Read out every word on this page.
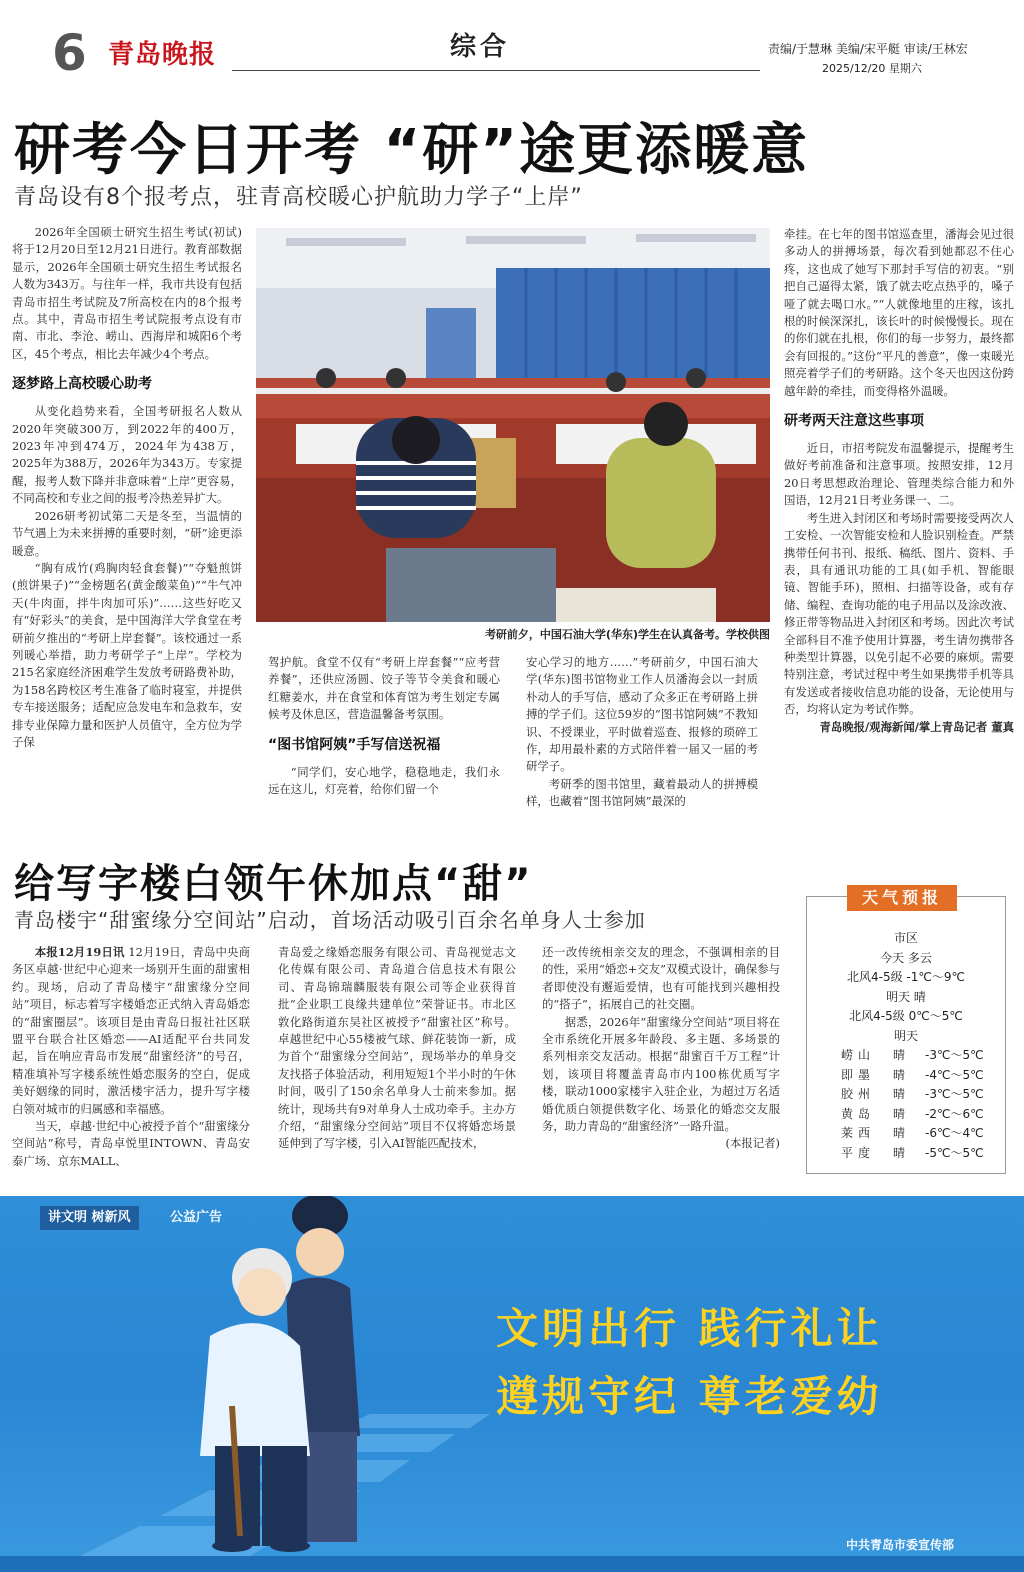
6 青岛晚报	综合	责编/于慧琳 美编/宋平艇 审读/王林宏
2025/12/20 星期六
研考今日开考 “研”途更添暖意
青岛设有8个报考点，驻青高校暖心护航助力学子“上岸”

2026年全国硕士研究生招生考试(初试)将于12月20日至12月21日进行。教育部数据显示，2026年全国硕士研究生招生考试报名人数为343万。与往年一样，我市共设有包括青岛市招生考试院及7所高校在内的8个报考点。其中，青岛市招生考试院报考点设有市南、市北、李沧、崂山、西海岸和城阳6个考区，45个考点，相比去年减少4个考点。

逐梦路上高校暖心助考

从变化趋势来看，全国考研报名人数从2020年突破300万，到2022年的400万，2023年冲到474万，2024年为438万，2025年为388万，2026年为343万。专家提醒，报考人数下降并非意味着“上岸”更容易，不同高校和专业之间的报考冷热差异扩大。

2026研考初试第二天是冬至，当温情的节气遇上为未来拼搏的重要时刻，“研”途更添暖意。

“胸有成竹(鸡胸肉轻食套餐)”“夺魁煎饼(煎饼果子)”“金榜题名(黄金酸菜鱼)”“牛气冲天(牛肉面，拌牛肉加可乐)”……这些好吃又有“好彩头”的美食，是中国海洋大学食堂在考研前夕推出的“考研上岸套餐”。该校通过一系列暖心举措，助力考研学子“上岸”。学校为215名家庭经济困难学生发放考研路费补助，为158名跨校区考生准备了临时寝室，并提供专车接送服务；适配应急发电车和急救车，安排专业保障力量和医护人员值守，全方位为学子保

考研前夕，中国石油大学(华东)学生在认真备考。学校供图

驾护航。食堂不仅有“考研上岸套餐”“应考营养餐”，还供应汤圆、饺子等节令美食和暖心红糖姜水，并在食堂和体育馆为考生划定专属候考及休息区，营造温馨备考氛围。

“图书馆阿姨”手写信送祝福

“同学们，安心地学，稳稳地走，我们永远在这儿，灯亮着，给你们留一个

安心学习的地方……”考研前夕，中国石油大学(华东)图书馆物业工作人员潘海会以一封质朴动人的手写信，感动了众多正在考研路上拼搏的学子们。这位59岁的“图书馆阿姨”不教知识、不授课业，平时做着巡查、报修的琐碎工作，却用最朴素的方式陪伴着一届又一届的考研学子。

考研季的图书馆里，藏着最动人的拼搏模样，也藏着“图书馆阿姨”最深的

牵挂。在七年的图书馆巡查里，潘海会见过很多动人的拼搏场景，每次看到她都忍不住心疼，这也成了她写下那封手写信的初衷。“别把自己逼得太紧，饿了就去吃点热乎的，嗓子哑了就去喝口水。”“人就像地里的庄稼，该扎根的时候深深扎，该长叶的时候慢慢长。现在的你们就在扎根，你们的每一步努力，最终都会有回报的。”这份“平凡的善意”，像一束暖光照亮着学子们的考研路。这个冬天也因这份跨越年龄的牵挂，而变得格外温暖。

研考两天注意这些事项

近日，市招考院发布温馨提示，提醒考生做好考前准备和注意事项。按照安排，12月20日考思想政治理论、管理类综合能力和外国语，12月21日考业务课一、二。

考生进入封闭区和考场时需要接受两次人工安检、一次智能安检和人脸识别检查。严禁携带任何书刊、报纸、稿纸、图片、资料、手表，具有通讯功能的工具(如手机、智能眼镜、智能手环)，照相、扫描等设备，或有存储、编程、查询功能的电子用品以及涂改液、修正带等物品进入封闭区和考场。因此次考试全部科目不准予使用计算器，考生请勿携带各种类型计算器，以免引起不必要的麻烦。需要特别注意，考试过程中考生如果携带手机等具有发送或者接收信息功能的设备，无论使用与否，均将认定为考试作弊。

青岛晚报/观海新闻/掌上青岛记者 董真

给写字楼白领午休加点“甜”
青岛楼宇“甜蜜缘分空间站”启动，首场活动吸引百余名单身人士参加

本报12月19日讯 12月19日，青岛中央商务区卓越·世纪中心迎来一场别开生面的甜蜜相约。现场，启动了青岛楼宇“甜蜜缘分空间站”项目，标志着写字楼婚恋正式纳入青岛婚恋的“甜蜜圈层”。该项目是由青岛日报社社区联盟平台联合社区婚恋——AI适配平台共同发起，旨在响应青岛市发展“甜蜜经济”的号召，精准填补写字楼系统性婚恋服务的空白，促成美好姻缘的同时，激活楼宇活力，提升写字楼白领对城市的归属感和幸福感。

当天，卓越·世纪中心被授予首个“甜蜜缘分空间站”称号，青岛卓悦里INTOWN、青岛安泰广场、京东MALL、

青岛爱之缘婚恋服务有限公司、青岛视觉志文化传媒有限公司、青岛道合信息技术有限公司、青岛锦瑞麟服装有限公司等企业获得首批“企业职工良缘共建单位”荣誉证书。市北区敦化路街道东吴社区被授予“甜蜜社区”称号。卓越世纪中心55楼被气球、鲜花装饰一新，成为首个“甜蜜缘分空间站”，现场举办的单身交友找搭子体验活动，利用短短1个半小时的午休时间，吸引了150余名单身人士前来参加。据统计，现场共有9对单身人士成功牵手。主办方介绍，“甜蜜缘分空间站”项目不仅将婚恋场景延伸到了写字楼，引入AI智能匹配技术，

还一改传统相亲交友的理念，不强调相亲的目的性，采用“婚恋+交友”双模式设计，确保参与者即使没有邂逅爱情，也有可能找到兴趣相投的“搭子”，拓展自己的社交圈。

据悉，2026年“甜蜜缘分空间站”项目将在全市系统化开展多年龄段、多主题、多场景的系列相亲交友活动。根据“甜蜜百千万工程”计划，该项目将覆盖青岛市内100栋优质写字楼，联动1000家楼宇入驻企业，为超过万名适婚优质白领提供数字化、场景化的婚恋交友服务，助力青岛的“甜蜜经济”一路升温。

(本报记者)

天气预报
市区
今天 多云
北风4-5级 -1℃～9℃
明天 晴
北风4-5级 0℃～5℃
明天
崂山	晴	-3℃～5℃
即墨	晴	-4℃～5℃
胶州	晴	-3℃～5℃
黄岛	晴	-2℃～6℃
莱西	晴	-6℃～4℃
平度	晴	-5℃～5℃
讲文明 树新风	公益广告
文明出行 践行礼让
遵规守纪 尊老爱幼
中共青岛市委宣传部
